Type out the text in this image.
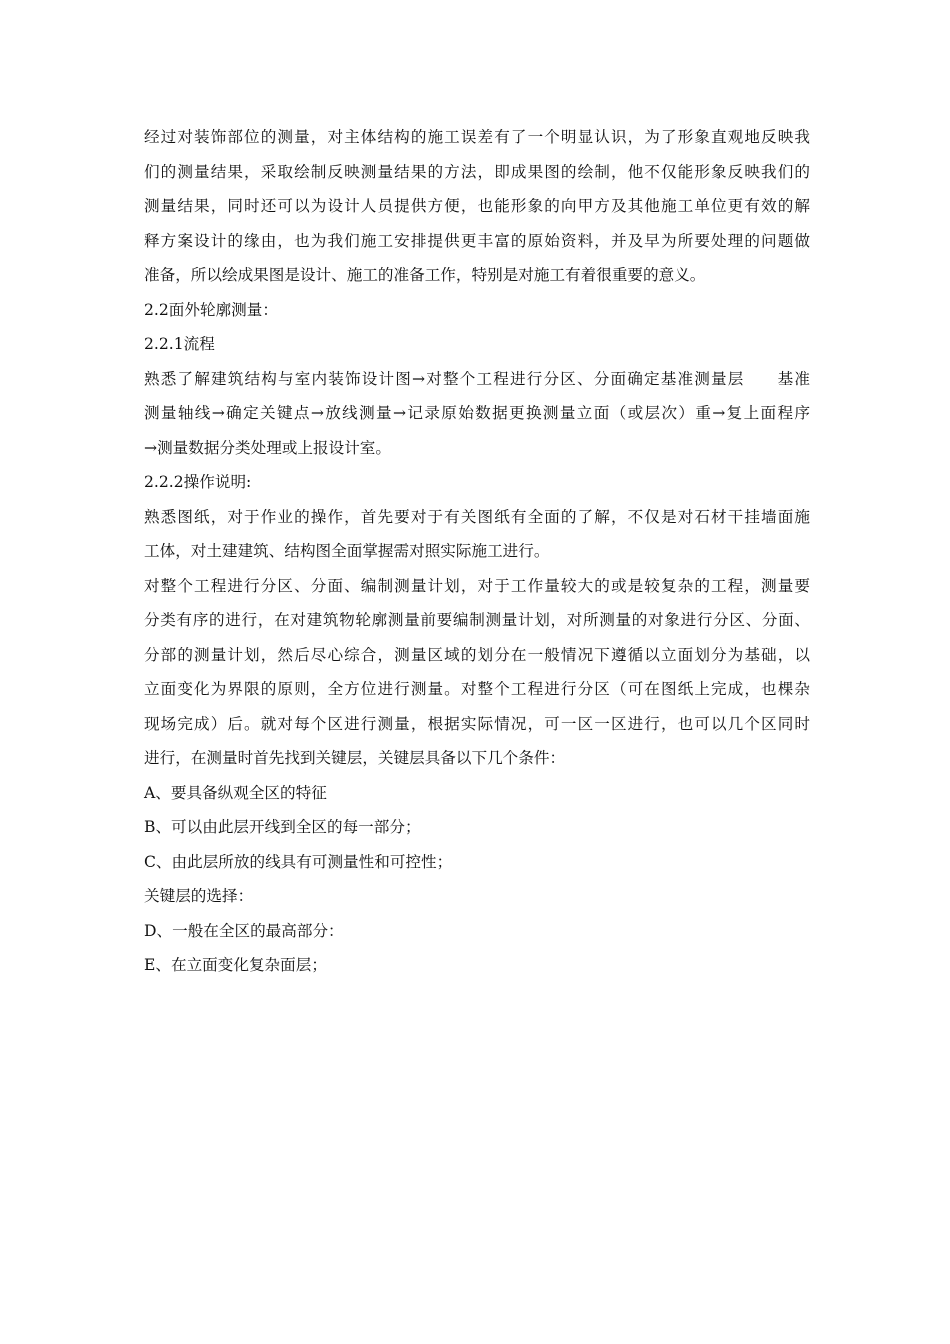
经过对装饰部位的测量，对主体结构的施工误差有了一个明显认识，为了形象直观地反映我
们的测量结果，采取绘制反映测量结果的方法，即成果图的绘制，他不仅能形象反映我们的
测量结果，同时还可以为设计人员提供方便，也能形象的向甲方及其他施工单位更有效的解
释方案设计的缘由，也为我们施工安排提供更丰富的原始资料，并及早为所要处理的问题做
准备，所以绘成果图是设计、施工的准备工作，特别是对施工有着很重要的意义。
2.2面外轮廓测量：
2.2.1流程
熟悉了解建筑结构与室内装饰设计图→对整个工程进行分区、分面确定基准测量层 基准
测量轴线→确定关键点→放线测量→记录原始数据更换测量立面（或层次）重→复上面程序
→测量数据分类处理或上报设计室。
2.2.2操作说明:
熟悉图纸，对于作业的操作，首先要对于有关图纸有全面的了解，不仅是对石材干挂墙面施
工体，对土建建筑、结构图全面掌握需对照实际施工进行。
对整个工程进行分区、分面、编制测量计划，对于工作量较大的或是较复杂的工程，测量要
分类有序的进行，在对建筑物轮廓测量前要编制测量计划，对所测量的对象进行分区、分面、
分部的测量计划，然后尽心综合，测量区域的划分在一般情况下遵循以立面划分为基础，以
立面变化为界限的原则，全方位进行测量。对整个工程进行分区（可在图纸上完成，也棵杂
现场完成）后。就对每个区进行测量，根据实际情况，可一区一区进行，也可以几个区同时
进行，在测量时首先找到关键层，关键层具备以下几个条件：
A、要具备纵观全区的特征
B、可以由此层开线到全区的每一部分；
C、由此层所放的线具有可测量性和可控性；
关键层的选择：
D、一般在全区的最高部分：
E、在立面变化复杂面层；
